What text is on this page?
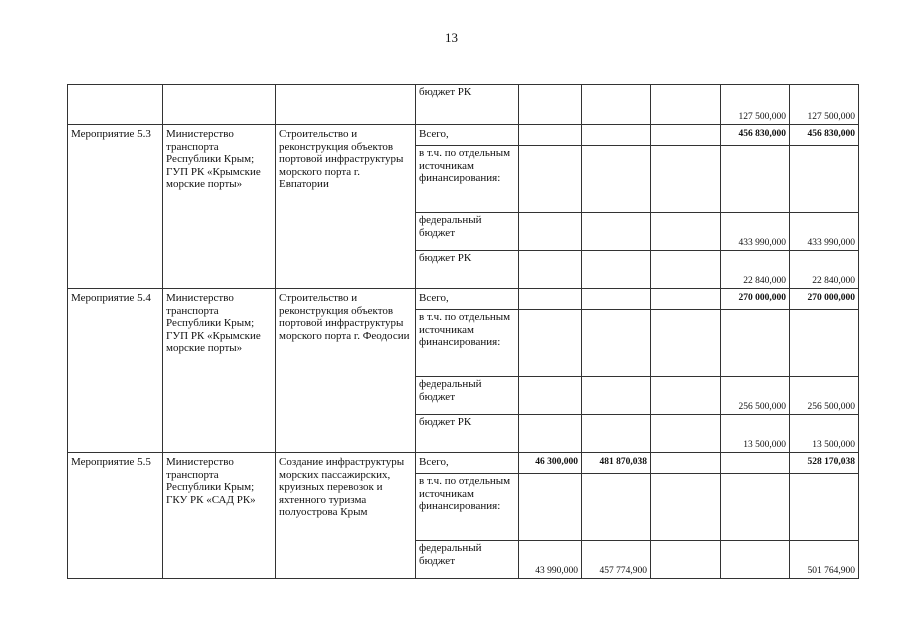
13
			бюджет РК				127 500,000	127 500,000
Мероприятие 5.3	Министерство транспорта Республики Крым; ГУП РК «Крымские морские порты»	Строительство и реконструкция объектов портовой инфраструктуры морского порта г. Евпатории	Всего,				456 830,000	456 830,000
			в т.ч. по отдельным источникам финансирования:					
			федеральный бюджет				433 990,000	433 990,000
			бюджет РК				22 840,000	22 840,000
Мероприятие 5.4	Министерство транспорта Республики Крым; ГУП РК «Крымские морские порты»	Строительство и реконструкция объектов портовой инфраструктуры морского порта г. Феодосии	Всего,				270 000,000	270 000,000
			в т.ч. по отдельным источникам финансирования:					
			федеральный бюджет				256 500,000	256 500,000
			бюджет РК				13 500,000	13 500,000
Мероприятие 5.5	Министерство транспорта Республики Крым; ГКУ РК «САД РК»	Создание инфраструктуры морских пассажирских, круизных перевозок и яхтенного туризма полуострова Крым	Всего,	46 300,000	481 870,038			528 170,038
			в т.ч. по отдельным источникам финансирования:					
			федеральный бюджет	43 990,000	457 774,900			501 764,900
